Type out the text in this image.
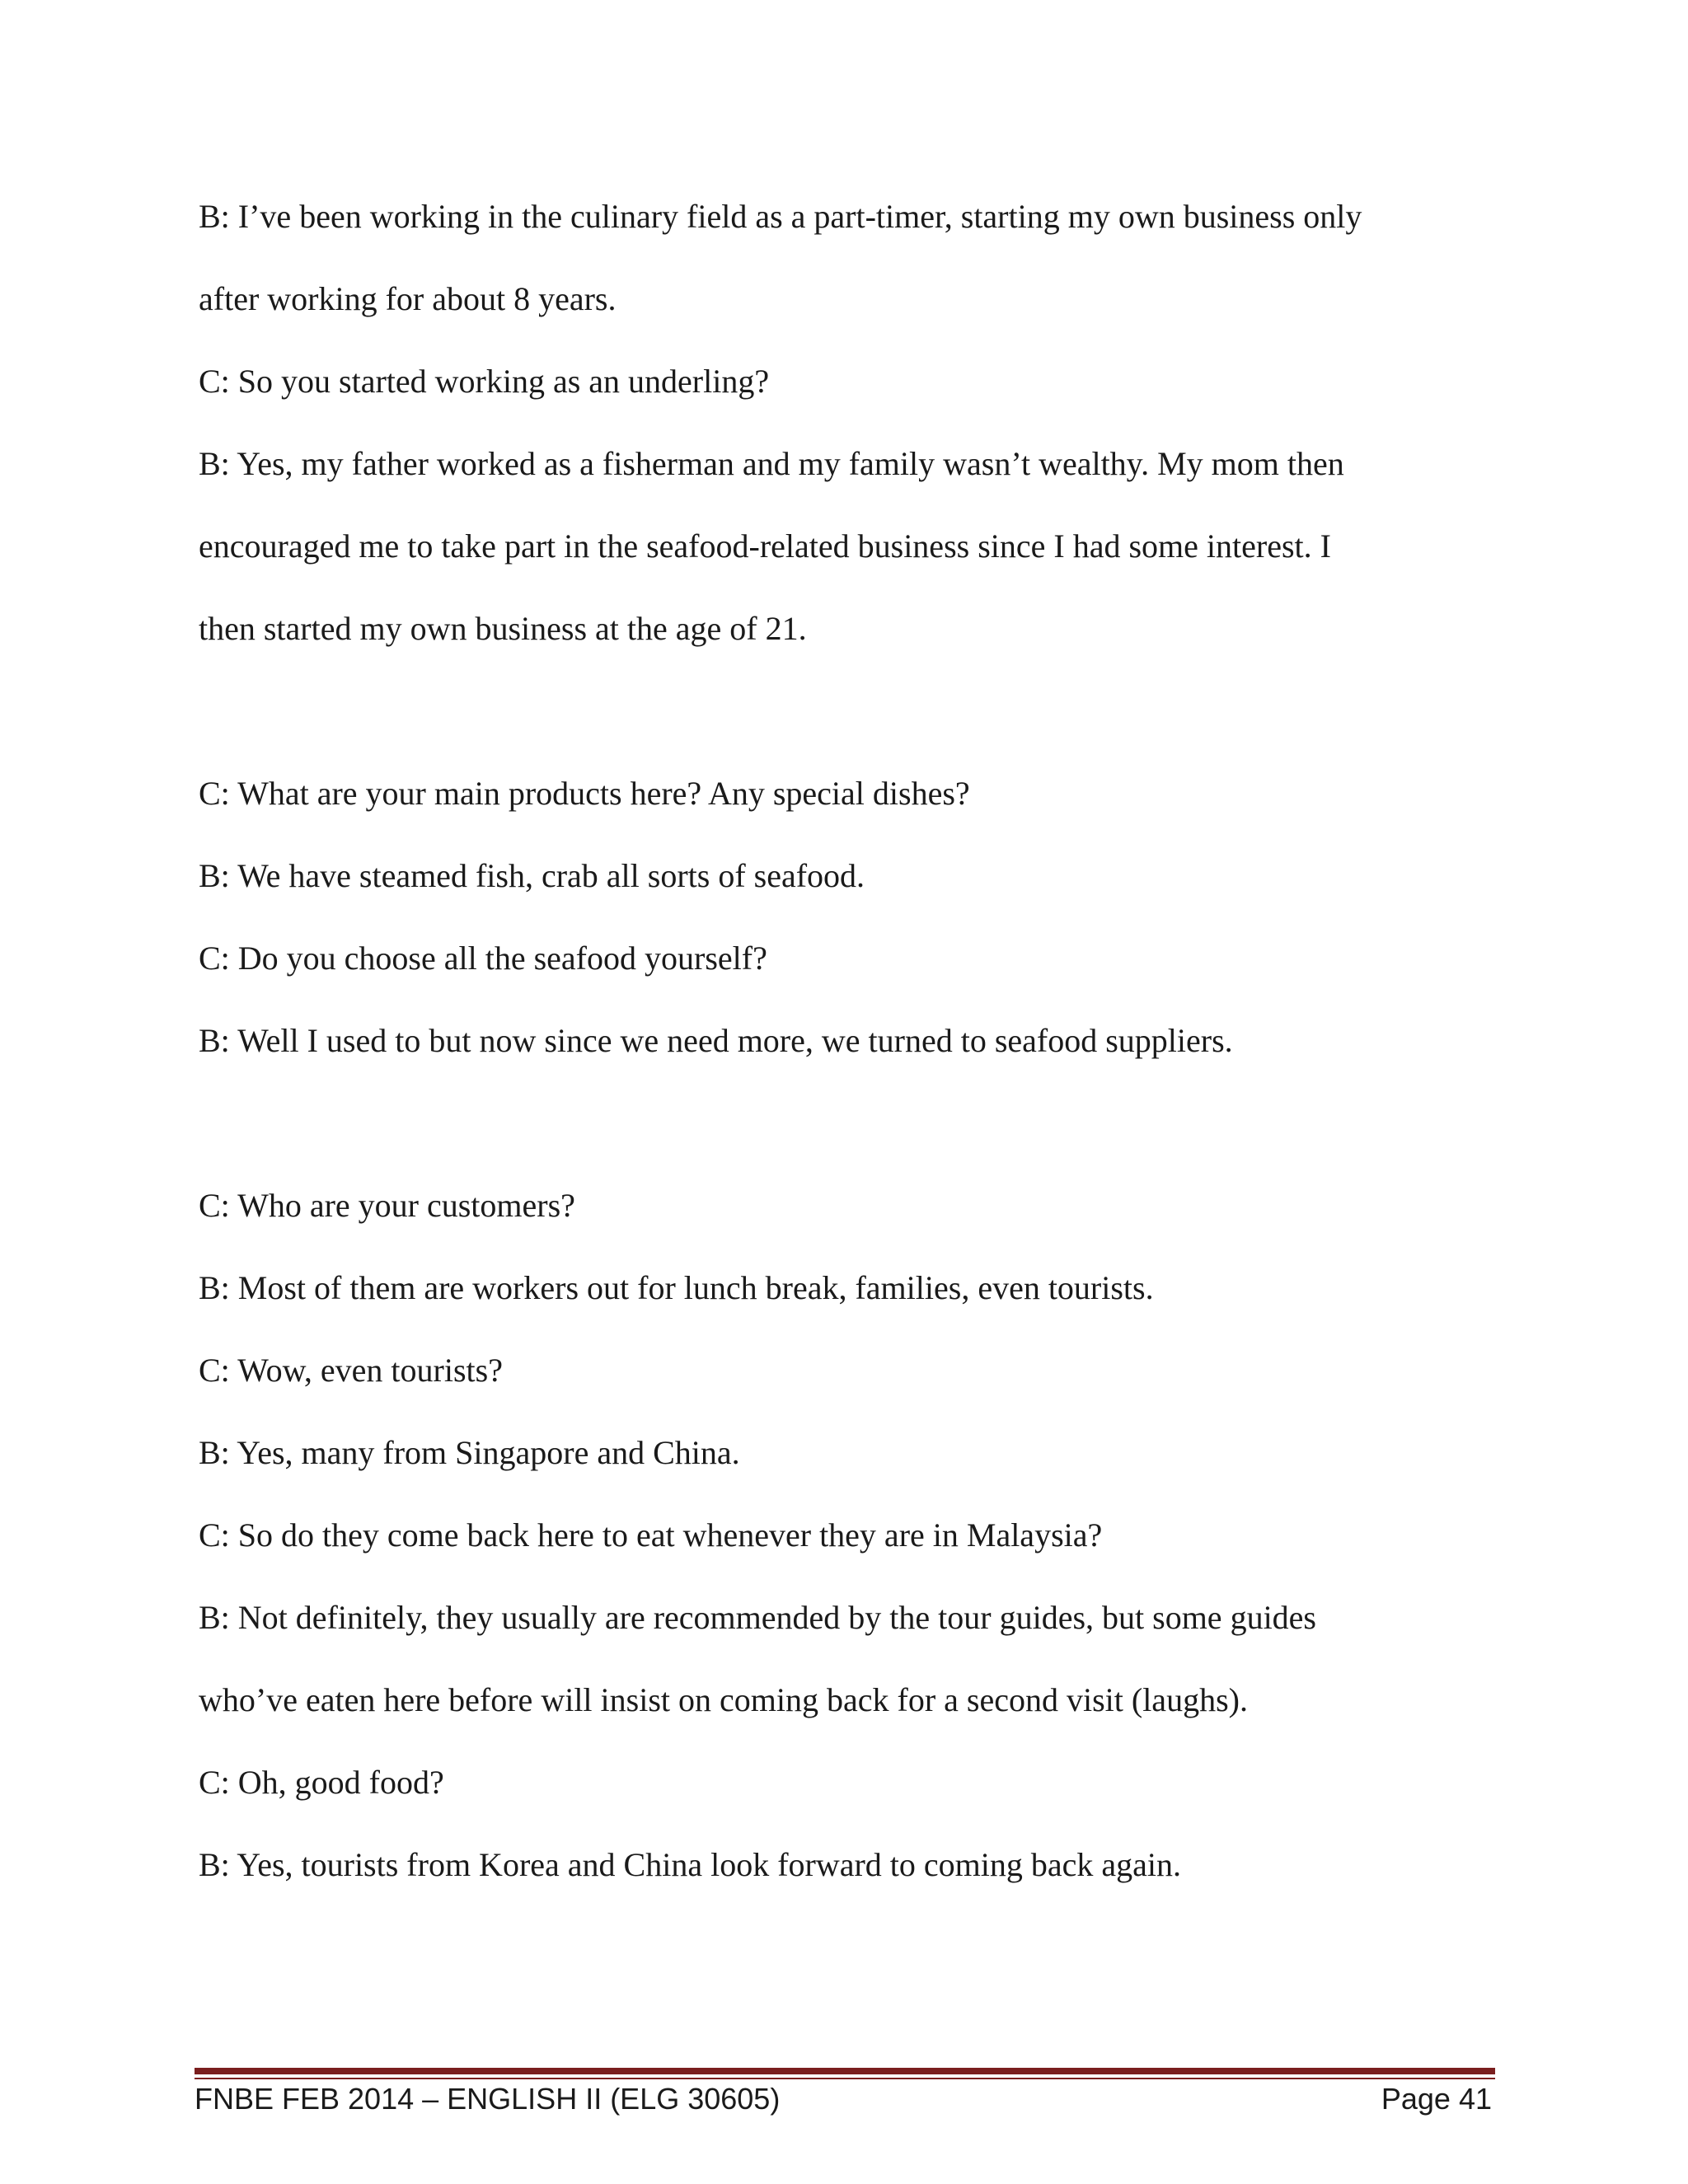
B: I’ve been working in the culinary field as a part-timer, starting my own business only

after working for about 8 years.

C: So you started working as an underling?

B: Yes, my father worked as a fisherman and my family wasn’t wealthy. My mom then

encouraged me to take part in the seafood-related business since I had some interest. I

then started my own business at the age of 21.

C: What are your main products here? Any special dishes?

B: We have steamed fish, crab all sorts of seafood.

C: Do you choose all the seafood yourself?

B: Well I used to but now since we need more, we turned to seafood suppliers.

C: Who are your customers?

B: Most of them are workers out for lunch break, families, even tourists.

C: Wow, even tourists?

B: Yes, many from Singapore and China.

C: So do they come back here to eat whenever they are in Malaysia?

B: Not definitely, they usually are recommended by the tour guides, but some guides

who’ve eaten here before will insist on coming back for a second visit (laughs).

C: Oh, good food?

B: Yes, tourists from Korea and China look forward to coming back again.

FNBE FEB 2014 – ENGLISH II (ELG 30605)	Page 41
